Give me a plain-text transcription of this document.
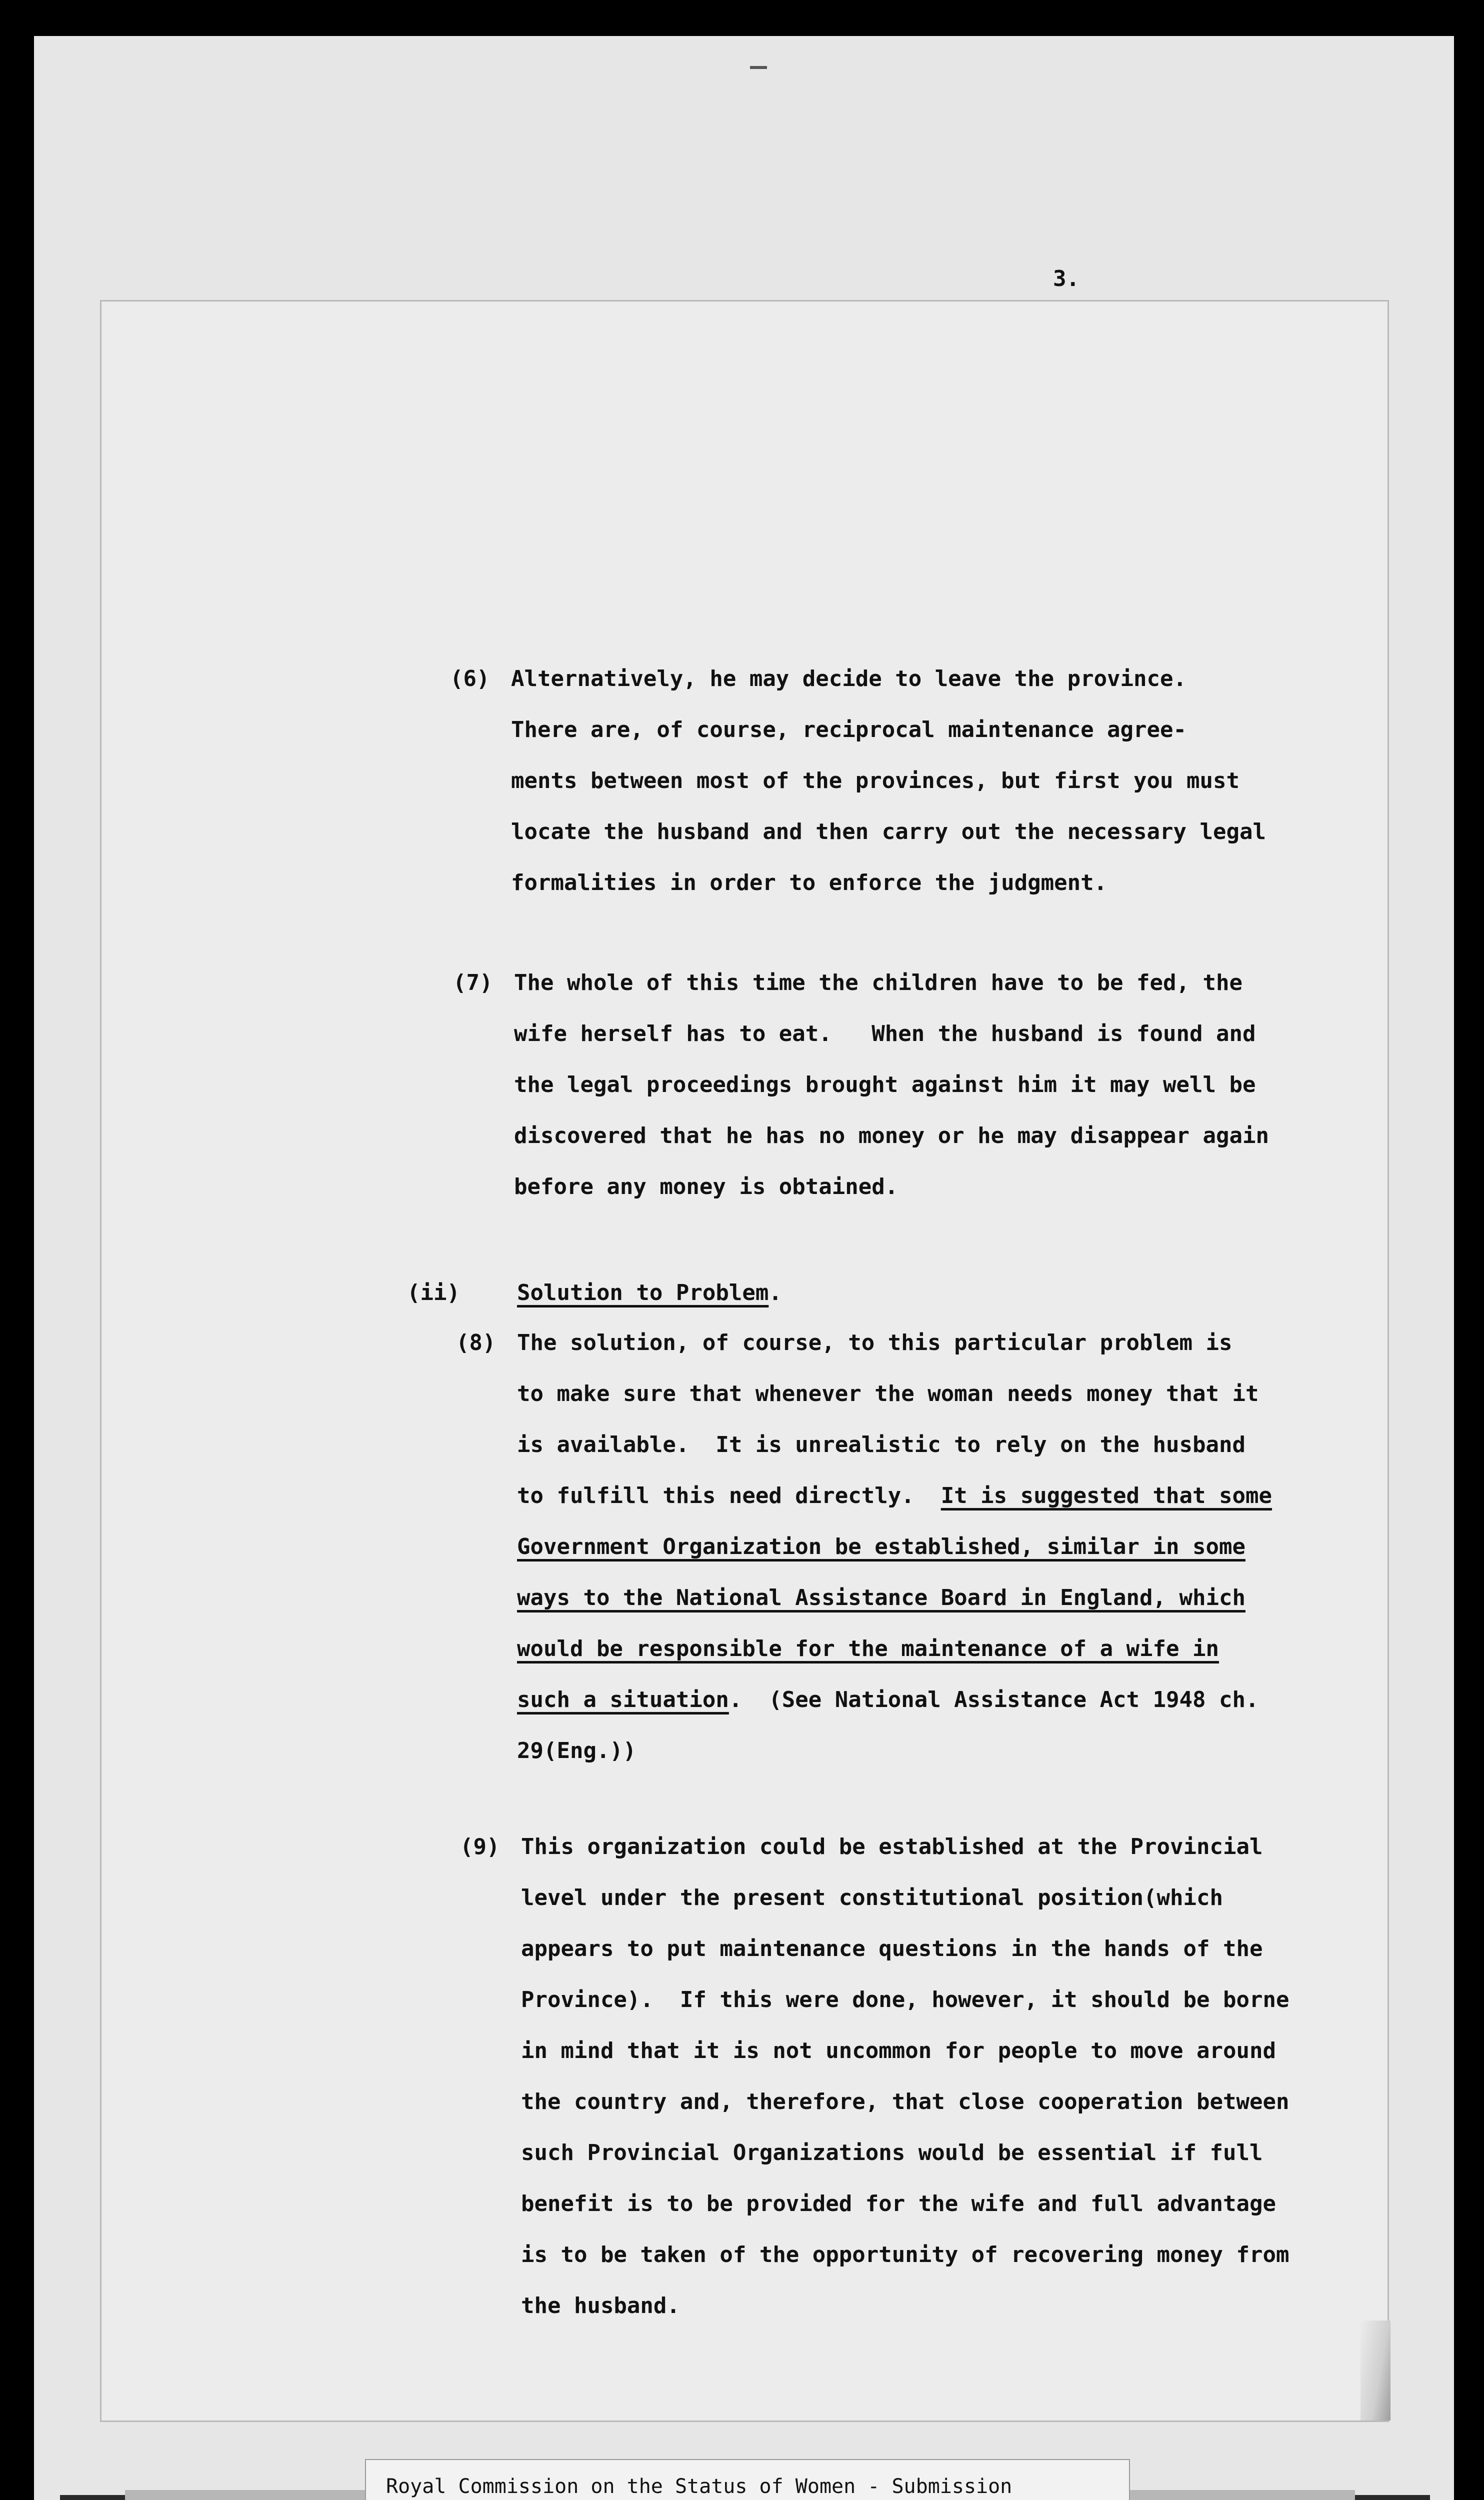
3.
(6) Alternatively, he may decide to leave the province.
There are, of course, reciprocal maintenance agree-
ments between most of the provinces, but first you must
locate the husband and then carry out the necessary legal
formalities in order to enforce the judgment.
(7) The whole of this time the children have to be fed, the
wife herself has to eat.   When the husband is found and
the legal proceedings brought against him it may well be
discovered that he has no money or he may disappear again
before any money is obtained.
(ii)	Solution to Problem.
(8) The solution, of course, to this particular problem is
to make sure that whenever the woman needs money that it
is available.  It is unrealistic to rely on the husband
to fulfill this need directly.  It is suggested that some
Government Organization be established, similar in some
ways to the National Assistance Board in England, which
would be responsible for the maintenance of a wife in
such a situation.  (See National Assistance Act 1948 ch.
29(Eng.))
(9) This organization could be established at the Provincial
level under the present constitutional position(which
appears to put maintenance questions in the hands of the
Province).  If this were done, however, it should be borne
in mind that it is not uncommon for people to move around
the country and, therefore, that close cooperation between
such Provincial Organizations would be essential if full
benefit is to be provided for the wife and full advantage
is to be taken of the opportunity of recovering money from
the husband.
Royal Commission on the Status of Women - Submission
